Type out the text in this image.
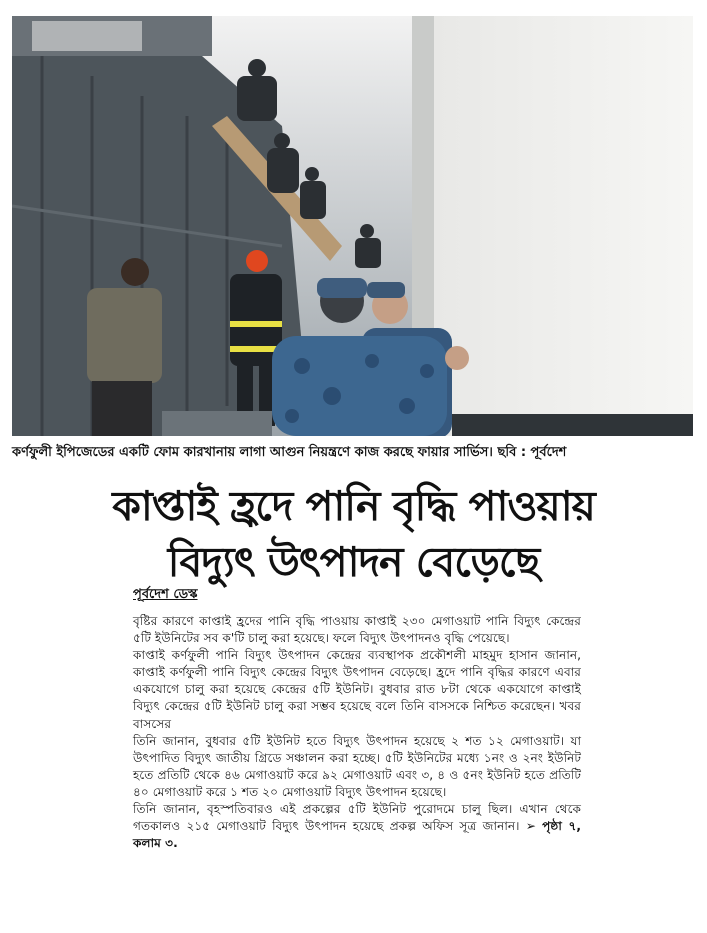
কর্ণফুলী ইপিজেডের একটি ফোম কারখানায় লাগা আগুন নিয়ন্ত্রণে কাজ করছে ফায়ার সার্ভিস। ছবি : পূর্বদেশ
কাপ্তাই হ্রদে পানি বৃদ্ধি পাওয়ায়
বিদ্যুৎ উৎপাদন বেড়েছে
পূর্বদেশ ডেস্ক

বৃষ্টির কারণে কাপ্তাই হ্রদের পানি বৃদ্ধি পাওয়ায় কাপ্তাই ২৩০ মেগাওয়াট পানি বিদ্যুৎ কেন্দ্রের ৫টি ইউনিটের সব ক'টি চালু করা হয়েছে। ফলে বিদ্যুৎ উৎপাদনও বৃদ্ধি পেয়েছে।

কাপ্তাই কর্ণফুলী পানি বিদ্যুৎ উৎপাদন কেন্দ্রের ব্যবস্থাপক প্রকৌশলী মাহমুদ হাসান জানান, কাপ্তাই কর্ণফুলী পানি বিদ্যুৎ কেন্দ্রের বিদ্যুৎ উৎপাদন বেড়েছে। হ্রদে পানি বৃদ্ধির কারণে এবার একযোগে চালু করা হয়েছে কেন্দ্রের ৫টি ইউনিট। বুধবার রাত ৮টা থেকে একযোগে কাপ্তাই বিদ্যুৎ কেন্দ্রের ৫টি ইউনিট চালু করা সম্ভব হয়েছে বলে তিনি বাসসকে নিশ্চিত করেছেন। খবর বাসসের

তিনি জানান, বুধবার ৫টি ইউনিট হতে বিদ্যুৎ উৎপাদন হয়েছে ২ শত ১২ মেগাওয়াট। যা উৎপাদিত বিদ্যুৎ জাতীয় গ্রিডে সঞ্চালন করা হচ্ছে। ৫টি ইউনিটের মধ্যে ১নং ও ২নং ইউনিট হতে প্রতিটি থেকে ৪৬ মেগাওয়াট করে ৯২ মেগাওয়াট এবং ৩, ৪ ও ৫নং ইউনিট হতে প্রতিটি ৪০ মেগাওয়াট করে ১ শত ২০ মেগাওয়াট বিদ্যুৎ উৎপাদন হয়েছে।

তিনি জানান, বৃহস্পতিবারও এই প্রকল্পের ৫টি ইউনিট পুরোদমে চালু ছিল। এখান থেকে গতকালও ২১৫ মেগাওয়াট বিদ্যুৎ উৎপাদন হয়েছে প্রকল্প অফিস সূত্র জানান। ➢ পৃষ্ঠা ৭, কলাম ৩.
